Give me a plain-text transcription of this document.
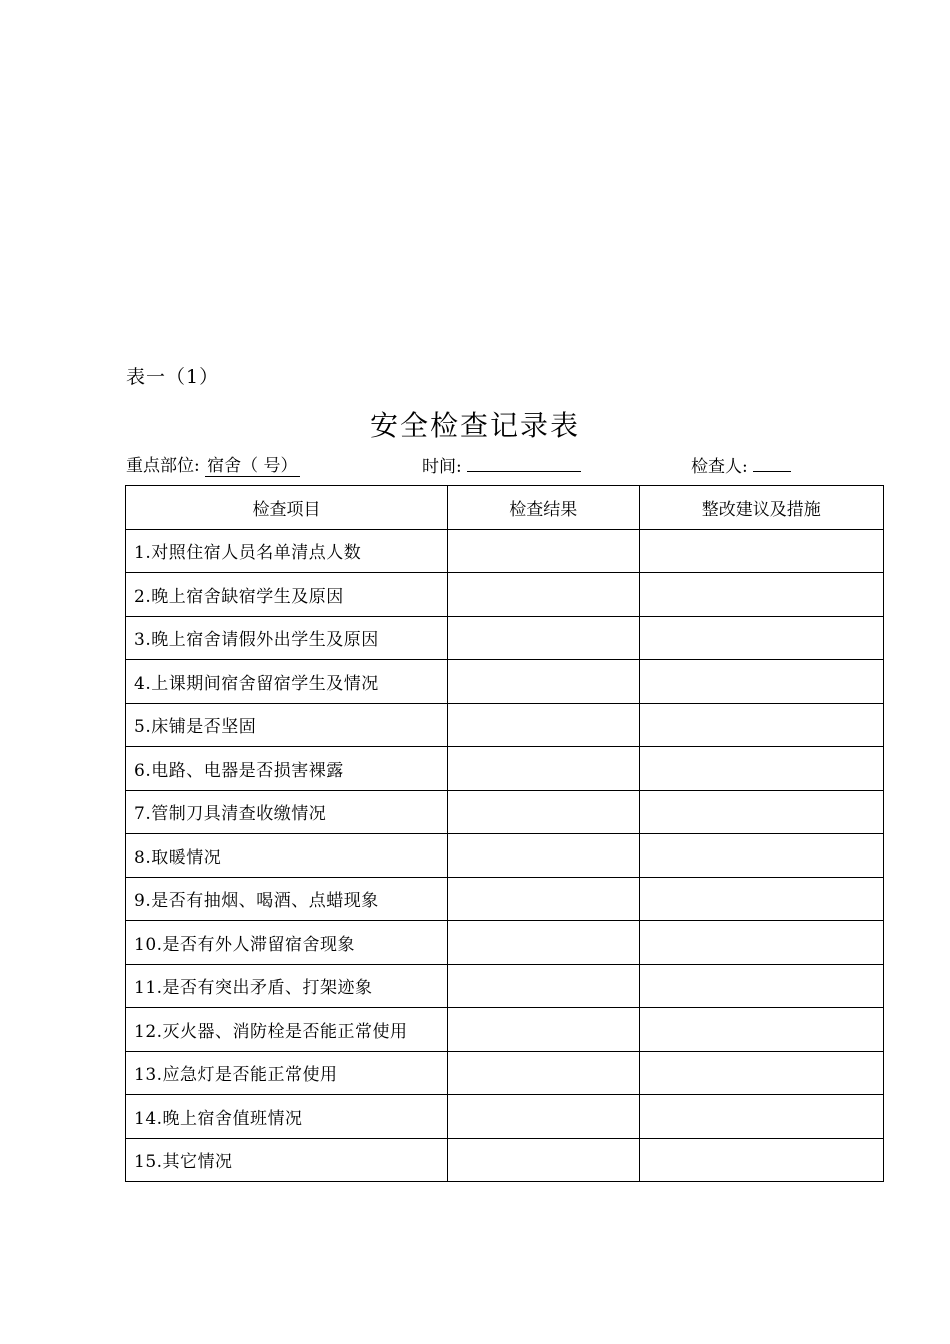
表一（1）
安全检查记录表
重点部位: 宿舍（ 号）	时间:	检查人:
检查项目	检查结果	整改建议及措施
1.对照住宿人员名单清点人数		
2.晚上宿舍缺宿学生及原因		
3.晚上宿舍请假外出学生及原因		
4.上课期间宿舍留宿学生及情况		
5.床铺是否坚固		
6.电路、电器是否损害裸露		
7.管制刀具清查收缴情况		
8.取暖情况		
9.是否有抽烟、喝酒、点蜡现象		
10.是否有外人滞留宿舍现象		
11.是否有突出矛盾、打架迹象		
12.灭火器、消防栓是否能正常使用		
13.应急灯是否能正常使用		
14.晚上宿舍值班情况		
15.其它情况		
